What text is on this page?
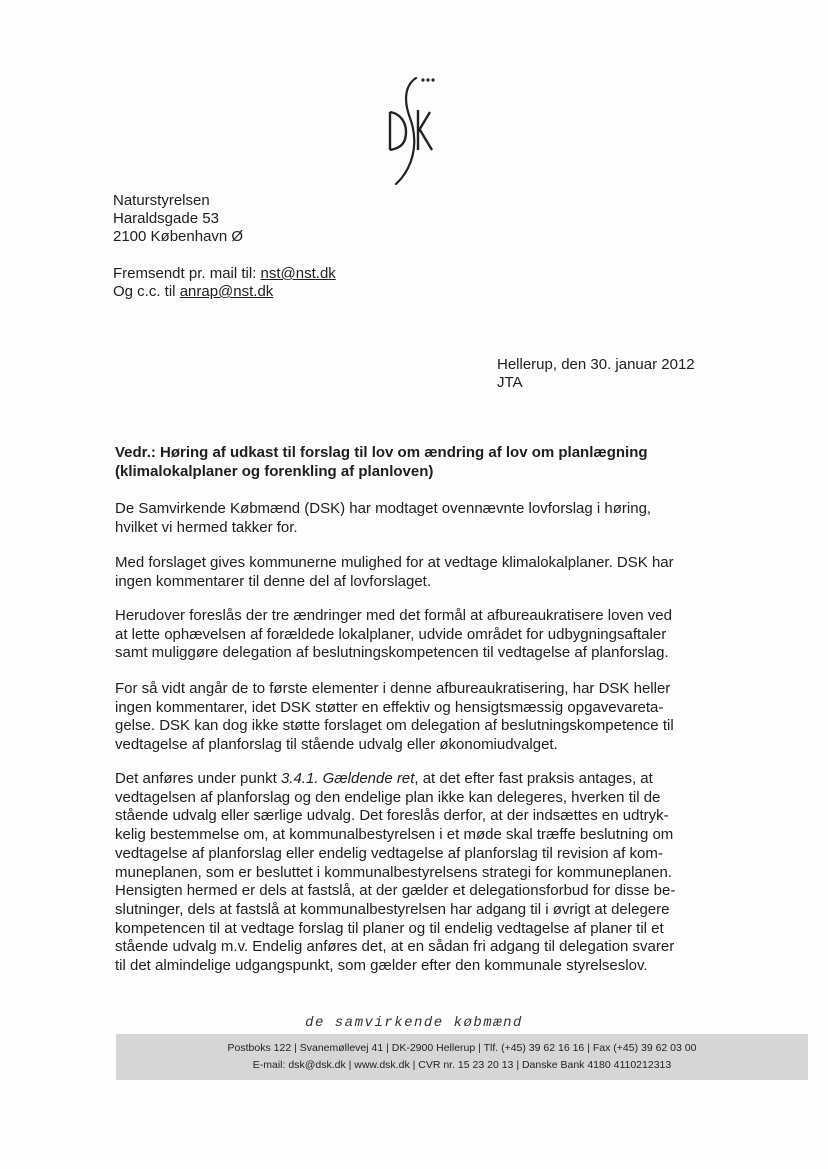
Naturstyrelsen
Haraldsgade 53
2100 København Ø
Fremsendt pr. mail til: nst@nst.dk
Og c.c. til anrap@nst.dk
Hellerup, den 30. januar 2012
JTA
Vedr.: Høring af udkast til forslag til lov om ændring af lov om planlægning
(klimalokalplaner og forenkling af planloven)
De Samvirkende Købmænd (DSK) har modtaget ovennævnte lovforslag i høring,
hvilket vi hermed takker for.
Med forslaget gives kommunerne mulighed for at vedtage klimalokalplaner. DSK har
ingen kommentarer til denne del af lovforslaget.
Herudover foreslås der tre ændringer med det formål at afbureaukratisere loven ved
at lette ophævelsen af forældede lokalplaner, udvide området for udbygningsaftaler
samt muliggøre delegation af beslutningskompetencen til vedtagelse af planforslag.
For så vidt angår de to første elementer i denne afbureaukratisering, har DSK heller
ingen kommentarer, idet DSK støtter en effektiv og hensigtsmæssig opgavevareta-
gelse. DSK kan dog ikke støtte forslaget om delegation af beslutningskompetence til
vedtagelse af planforslag til stående udvalg eller økonomiudvalget.
Det anføres under punkt 3.4.1. Gældende ret, at det efter fast praksis antages, at
vedtagelsen af planforslag og den endelige plan ikke kan delegeres, hverken til de
stående udvalg eller særlige udvalg. Det foreslås derfor, at der indsættes en udtryk-
kelig bestemmelse om, at kommunalbestyrelsen i et møde skal træffe beslutning om
vedtagelse af planforslag eller endelig vedtagelse af planforslag til revision af kom-
muneplanen, som er besluttet i kommunalbestyrelsens strategi for kommuneplanen.
Hensigten hermed er dels at fastslå, at der gælder et delegationsforbud for disse be-
slutninger, dels at fastslå at kommunalbestyrelsen har adgang til i øvrigt at delegere
kompetencen til at vedtage forslag til planer og til endelig vedtagelse af planer til et
stående udvalg m.v. Endelig anføres det, at en sådan fri adgang til delegation svarer
til det almindelige udgangspunkt, som gælder efter den kommunale styrelseslov.
de samvirkende købmænd
Postboks 122 | Svanemøllevej 41 | DK-2900 Hellerup | Tlf. (+45) 39 62 16 16 | Fax (+45) 39 62 03 00
E-mail: dsk@dsk.dk | www.dsk.dk | CVR nr. 15 23 20 13 | Danske Bank 4180 4110212313
